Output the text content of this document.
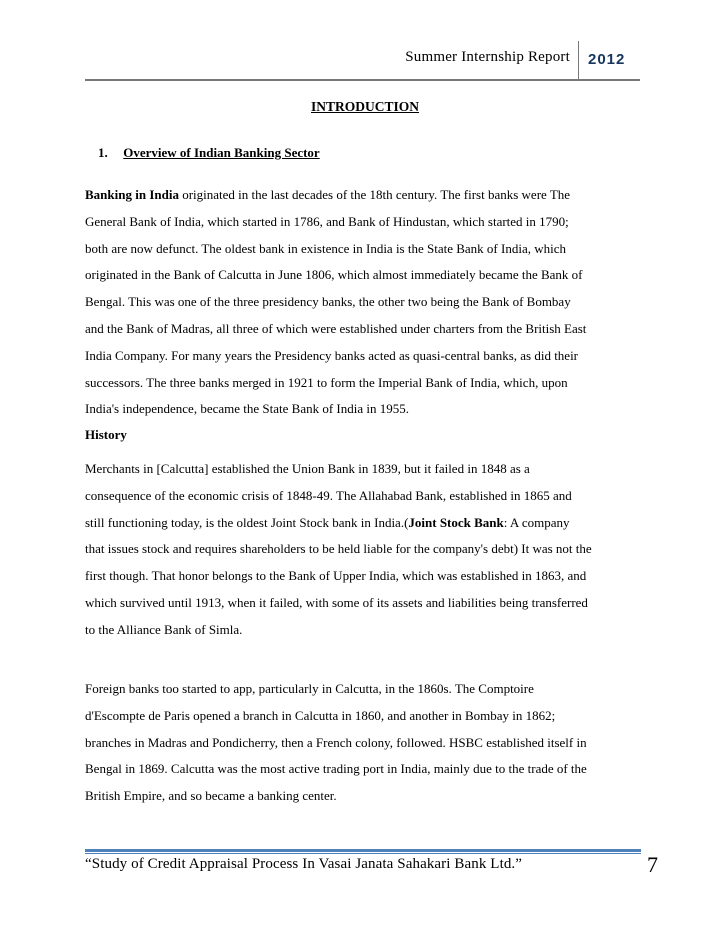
Summer Internship Report 2012
INTRODUCTION
1. Overview of Indian Banking Sector

Banking in India originated in the last decades of the 18th century. The first banks were The
General Bank of India, which started in 1786, and Bank of Hindustan, which started in 1790;
both are now defunct. The oldest bank in existence in India is the State Bank of India, which
originated in the Bank of Calcutta in June 1806, which almost immediately became the Bank of
Bengal. This was one of the three presidency banks, the other two being the Bank of Bombay
and the Bank of Madras, all three of which were established under charters from the British East
India Company. For many years the Presidency banks acted as quasi-central banks, as did their
successors. The three banks merged in 1921 to form the Imperial Bank of India, which, upon
India's independence, became the State Bank of India in 1955.

History

Merchants in [Calcutta] established the Union Bank in 1839, but it failed in 1848 as a
consequence of the economic crisis of 1848-49. The Allahabad Bank, established in 1865 and
still functioning today, is the oldest Joint Stock bank in India.(Joint Stock Bank: A company
that issues stock and requires shareholders to be held liable for the company's debt) It was not the
first though. That honor belongs to the Bank of Upper India, which was established in 1863, and
which survived until 1913, when it failed, with some of its assets and liabilities being transferred
to the Alliance Bank of Simla.

Foreign banks too started to app, particularly in Calcutta, in the 1860s. The Comptoire
d'Escompte de Paris opened a branch in Calcutta in 1860, and another in Bombay in 1862;
branches in Madras and Pondicherry, then a French colony, followed. HSBC established itself in
Bengal in 1869. Calcutta was the most active trading port in India, mainly due to the trade of the
British Empire, and so became a banking center.

“Study of Credit Appraisal Process In Vasai Janata Sahakari Bank Ltd.”	7
